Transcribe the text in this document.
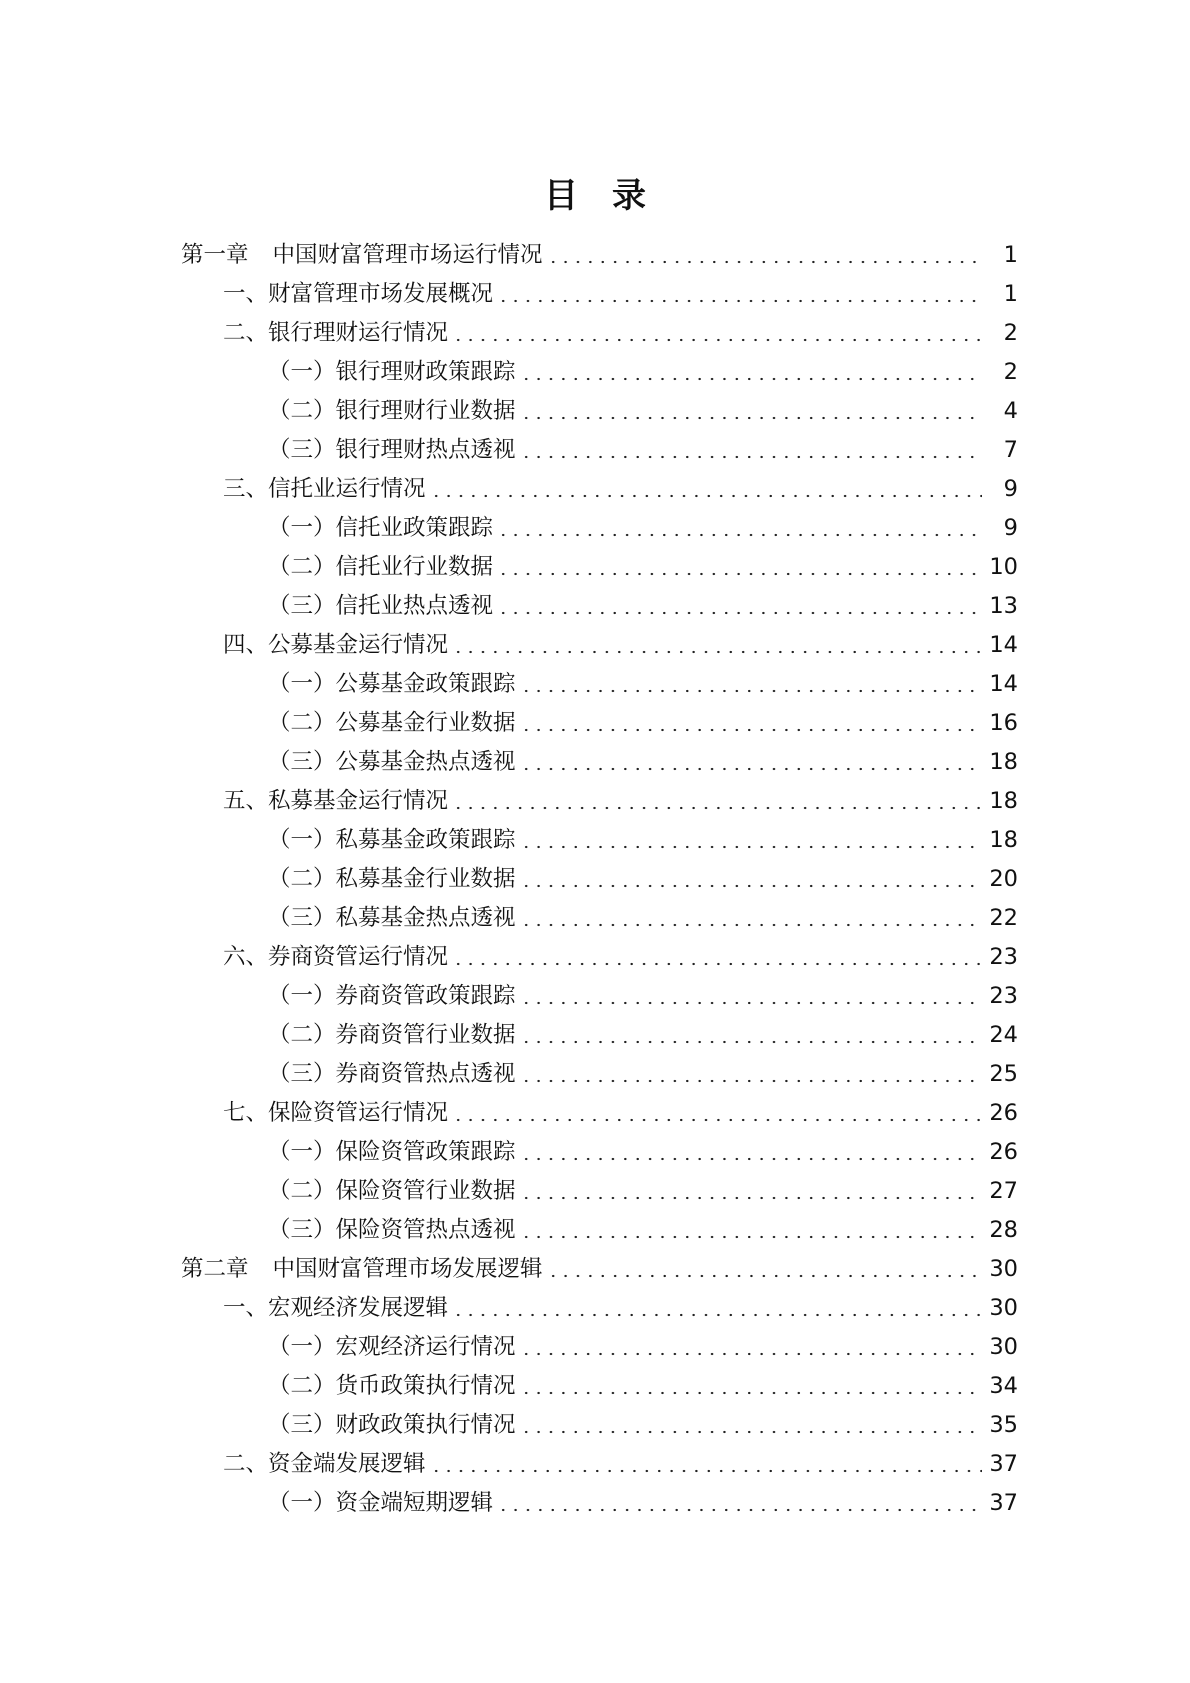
目 录
第一章 中国财富管理市场运行情况	1
一、财富管理市场发展概况	1
二、银行理财运行情况	2
（一）银行理财政策跟踪	2
（二）银行理财行业数据	4
（三）银行理财热点透视	7
三、信托业运行情况	9
（一）信托业政策跟踪	9
（二）信托业行业数据	10
（三）信托业热点透视	13
四、公募基金运行情况	14
（一）公募基金政策跟踪	14
（二）公募基金行业数据	16
（三）公募基金热点透视	18
五、私募基金运行情况	18
（一）私募基金政策跟踪	18
（二）私募基金行业数据	20
（三）私募基金热点透视	22
六、券商资管运行情况	23
（一）券商资管政策跟踪	23
（二）券商资管行业数据	24
（三）券商资管热点透视	25
七、保险资管运行情况	26
（一）保险资管政策跟踪	26
（二）保险资管行业数据	27
（三）保险资管热点透视	28
第二章 中国财富管理市场发展逻辑	30
一、宏观经济发展逻辑	30
（一）宏观经济运行情况	30
（二）货币政策执行情况	34
（三）财政政策执行情况	35
二、资金端发展逻辑	37
（一）资金端短期逻辑	37
